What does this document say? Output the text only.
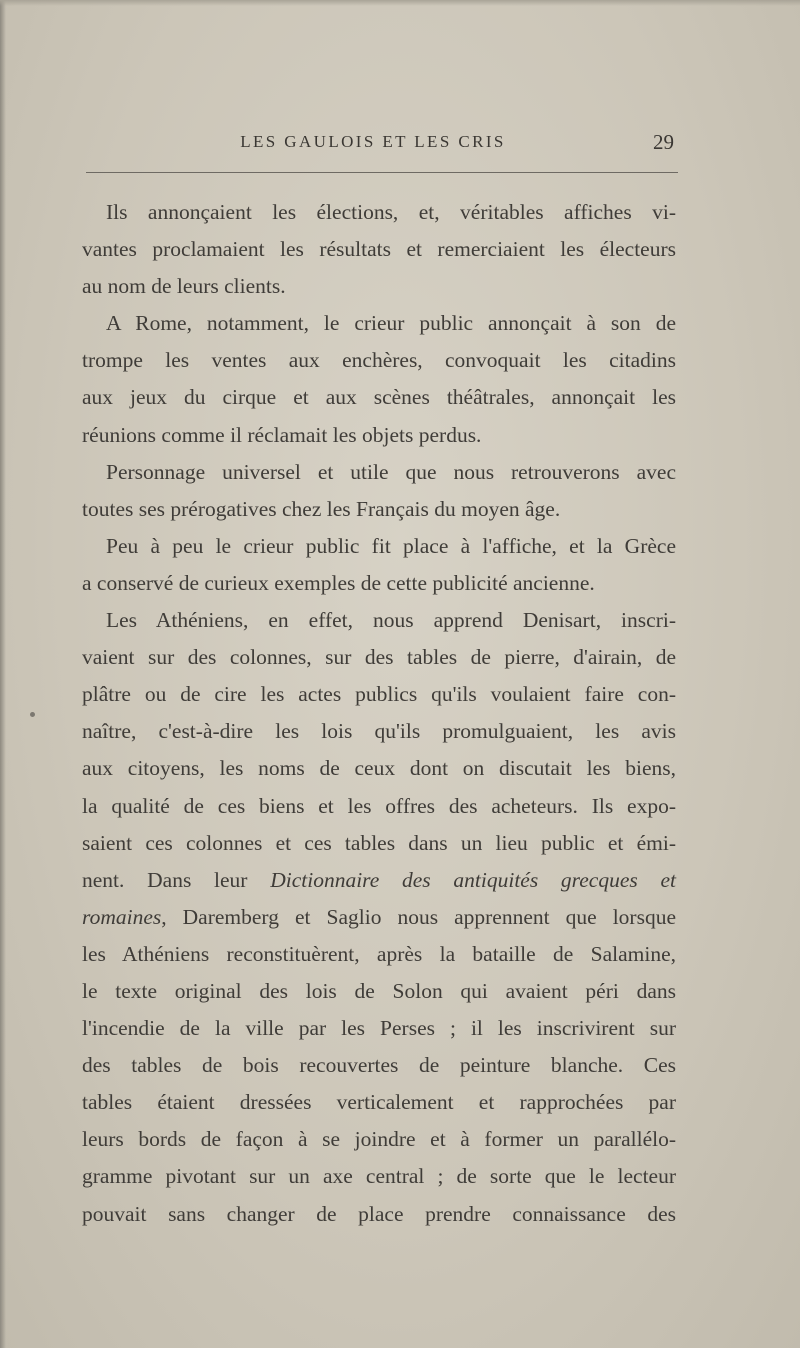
LES GAULOIS ET LES CRIS	29
Ils annonçaient les élections, et, véritables affiches vi-
vantes proclamaient les résultats et remerciaient les électeurs
au nom de leurs clients.
A Rome, notamment, le crieur public annonçait à son de
trompe les ventes aux enchères, convoquait les citadins
aux jeux du cirque et aux scènes théâtrales, annonçait les
réunions comme il réclamait les objets perdus.
Personnage universel et utile que nous retrouverons avec
toutes ses prérogatives chez les Français du moyen âge.
Peu à peu le crieur public fit place à l'affiche, et la Grèce
a conservé de curieux exemples de cette publicité ancienne.
Les Athéniens, en effet, nous apprend Denisart, inscri-
vaient sur des colonnes, sur des tables de pierre, d'airain, de
plâtre ou de cire les actes publics qu'ils voulaient faire con-
naître, c'est-à-dire les lois qu'ils promulguaient, les avis
aux citoyens, les noms de ceux dont on discutait les biens,
la qualité de ces biens et les offres des acheteurs. Ils expo-
saient ces colonnes et ces tables dans un lieu public et émi-
nent. Dans leur Dictionnaire des antiquités grecques et
romaines, Daremberg et Saglio nous apprennent que lorsque
les Athéniens reconstituèrent, après la bataille de Salamine,
le texte original des lois de Solon qui avaient péri dans
l'incendie de la ville par les Perses ; il les inscrivirent sur
des tables de bois recouvertes de peinture blanche. Ces
tables étaient dressées verticalement et rapprochées par
leurs bords de façon à se joindre et à former un parallélo-
gramme pivotant sur un axe central ; de sorte que le lecteur
pouvait sans changer de place prendre connaissance des
